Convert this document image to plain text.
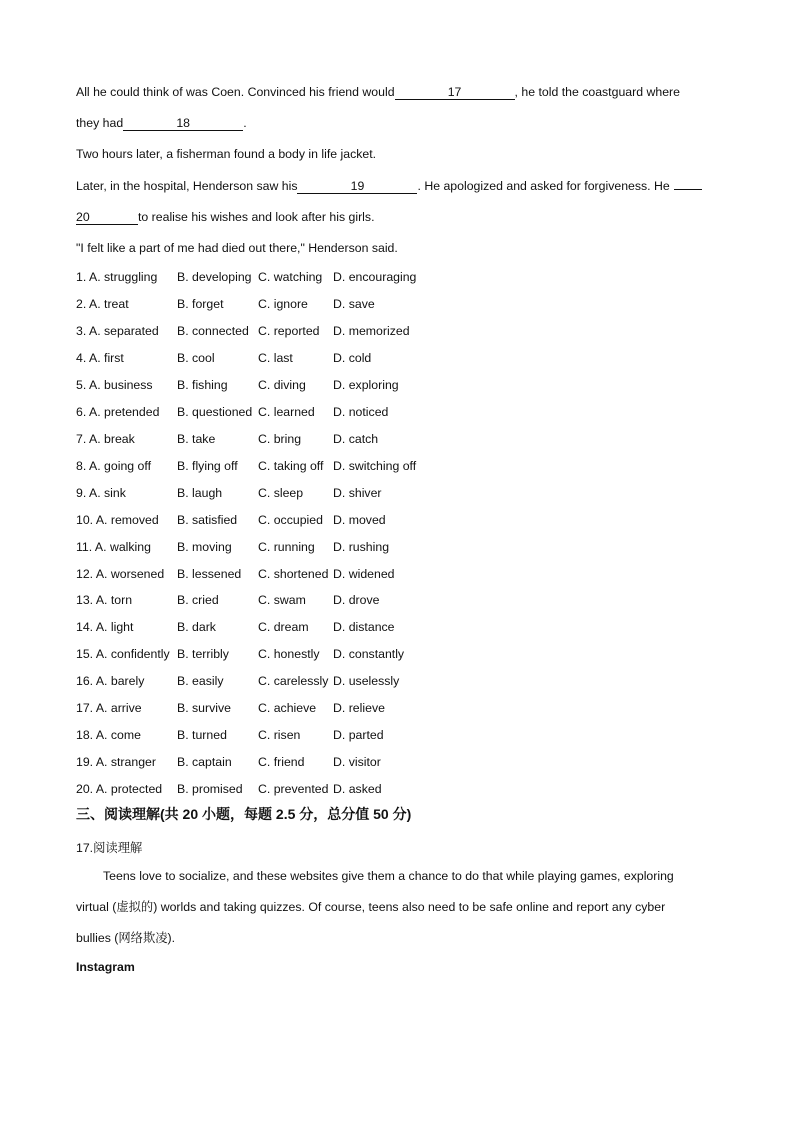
All he could think of was Coen. Convinced his friend would	17	, he told the coastguard where
they had	18	.
Two hours later, a fisherman found a body in life jacket.
Later, in the hospital, Henderson saw his	19	. He apologized and asked for forgiveness. He
20	to realise his wishes and look after his girls.
"I felt like a part of me had died out there," Henderson said.
1. A. struggling B. developing C. watching D. encouraging
2. A. treat	B. forget	C. ignore D. save
3. A. separated B. connected C. reported D. memorized
4. A. first	B. cool	C. last	D. cold
5. A. business B. fishing C. diving D. exploring
6. A. pretended B. questioned C. learned D. noticed
7. A. break	B. take	C. bring	D. catch
8. A. going off B. flying off C. taking off D. switching off
9. A. sink	B. laugh	C. sleep D. shiver
10. A. removed B. satisfied C. occupied D. moved
11. A. walking B. moving C. running D. rushing
12. A. worsened B. lessened C. shortened D. widened
13. A. torn	B. cried	C. swam D. drove
14. A. light	B. dark	C. dream D. distance
15. A. confidently B. terribly C. honestly D. constantly
16. A. barely	B. easily	C. carelessly D. uselessly
17. A. arrive	B. survive C. achieve D. relieve
18. A. come	B. turned	C. risen	D. parted
19. A. stranger B. captain C. friend D. visitor
20. A. protected B. promised C. prevented D. asked
三、阅读理解(共 20 小题，每题 2.5 分，总分值 50 分)
17.阅读理解
Teens love to socialize, and these websites give them a chance to do that while playing games, exploring
virtual (虚拟的) worlds and taking quizzes. Of course, teens also need to be safe online and report any cyber
bullies (网络欺凌).
Instagram
